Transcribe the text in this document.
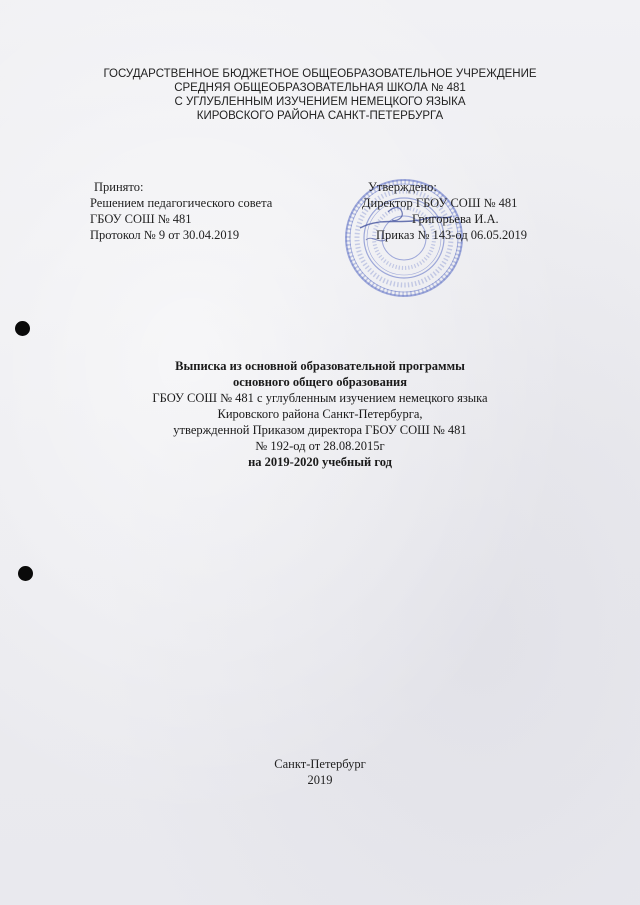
ГОСУДАРСТВЕННОЕ БЮДЖЕТНОЕ ОБЩЕОБРАЗОВАТЕЛЬНОЕ УЧРЕЖДЕНИЕ
СРЕДНЯЯ ОБЩЕОБРАЗОВАТЕЛЬНАЯ ШКОЛА № 481
С УГЛУБЛЕННЫМ ИЗУЧЕНИЕМ НЕМЕЦКОГО ЯЗЫКА
КИРОВСКОГО РАЙОНА САНКТ-ПЕТЕРБУРГА
Принято:
Решением педагогического совета
ГБОУ СОШ № 481
Протокол № 9 от 30.04.2019
Утверждено:
Директор ГБОУ СОШ № 481
Григорьева И.А.
Приказ № 143-од 06.05.2019
Выписка из основной образовательной программы
основного общего образования
ГБОУ СОШ № 481 с углубленным изучением немецкого языка
Кировского района Санкт-Петербурга,
утвержденной Приказом директора ГБОУ СОШ № 481
№ 192-од от 28.08.2015г
на 2019-2020 учебный год
Санкт-Петербург
2019
